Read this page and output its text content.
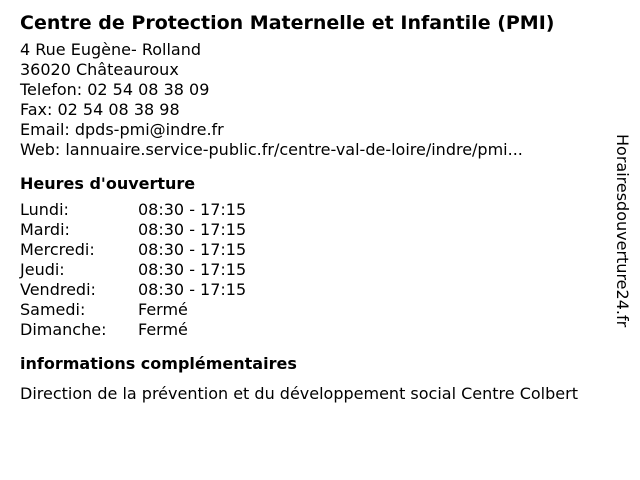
Centre de Protection Maternelle et Infantile (PMI)
4 Rue Eugène- Rolland
36020 Châteauroux
Telefon: 02 54 08 38 09
Fax: 02 54 08 38 98
Email: dpds-pmi@indre.fr
Web: lannuaire.service-public.fr/centre-val-de-loire/indre/pmi...
Heures d'ouverture
Lundi:	08:30 - 17:15
Mardi:	08:30 - 17:15
Mercredi:	08:30 - 17:15
Jeudi:	08:30 - 17:15
Vendredi:	08:30 - 17:15
Samedi:	Fermé
Dimanche: Fermé
informations complémentaires
Direction de la prévention et du développement social Centre Colbert
Horairesdouverture24.fr
